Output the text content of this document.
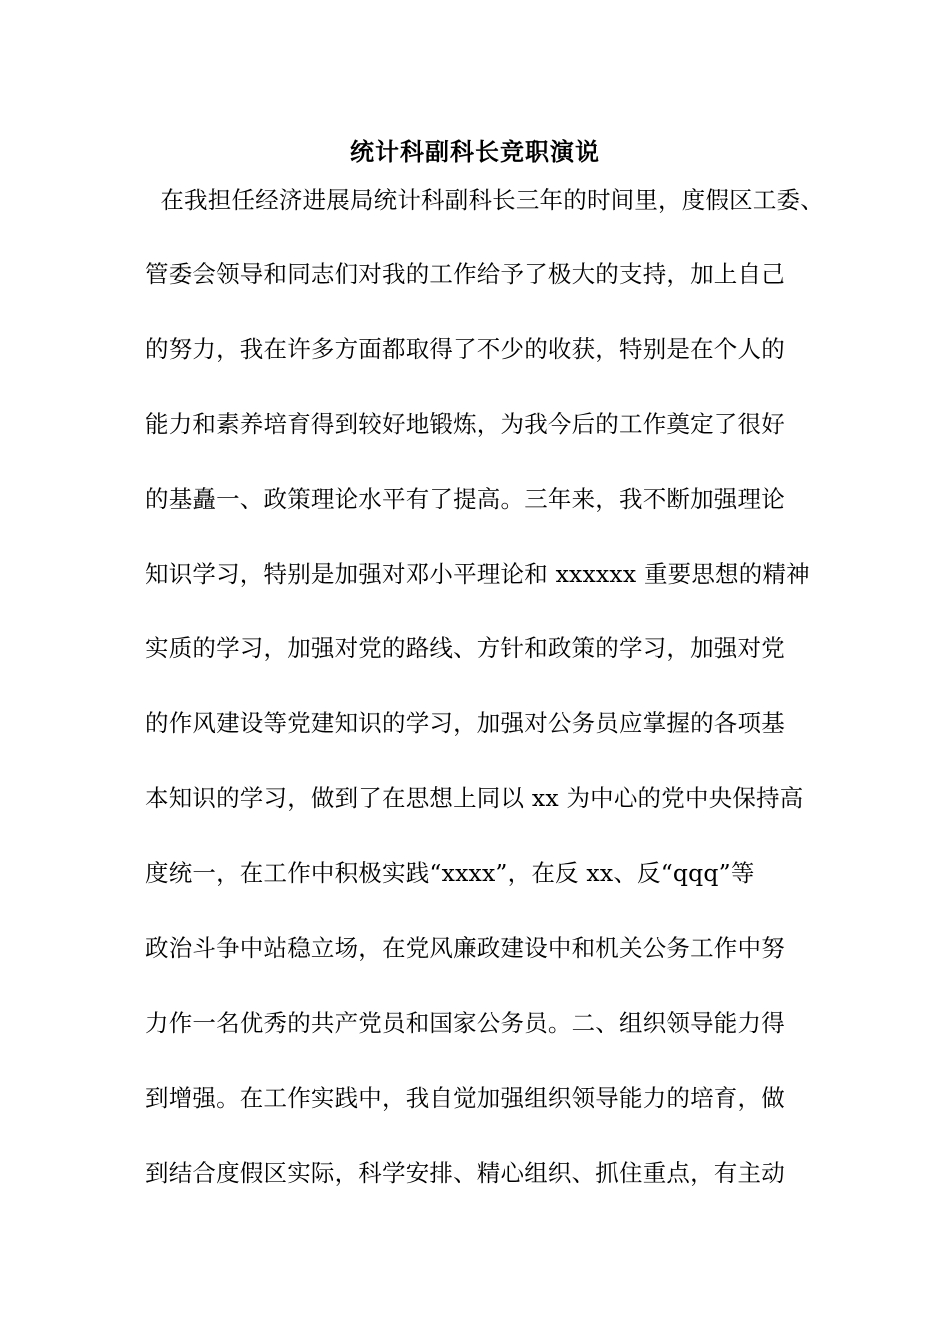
统计科副科长竞职演说
在我担任经济进展局统计科副科长三年的时间里，度假区工委、
管委会领导和同志们对我的工作给予了极大的支持，加上自己
的努力，我在许多方面都取得了不少的收获，特别是在个人的
能力和素养培育得到较好地锻炼，为我今后的工作奠定了很好
的基矗一、政策理论水平有了提高。三年来，我不断加强理论
知识学习，特别是加强对邓小平理论和 xxxxxx 重要思想的精神
实质的学习，加强对党的路线、方针和政策的学习，加强对党
的作风建设等党建知识的学习，加强对公务员应掌握的各项基
本知识的学习，做到了在思想上同以 xx 为中心的党中央保持高
度统一，在工作中积极实践“xxxx”，在反 xx、反“qqq”等
政治斗争中站稳立场，在党风廉政建设中和机关公务工作中努
力作一名优秀的共产党员和国家公务员。二、组织领导能力得
到增强。在工作实践中，我自觉加强组织领导能力的培育，做
到结合度假区实际，科学安排、精心组织、抓住重点，有主动
